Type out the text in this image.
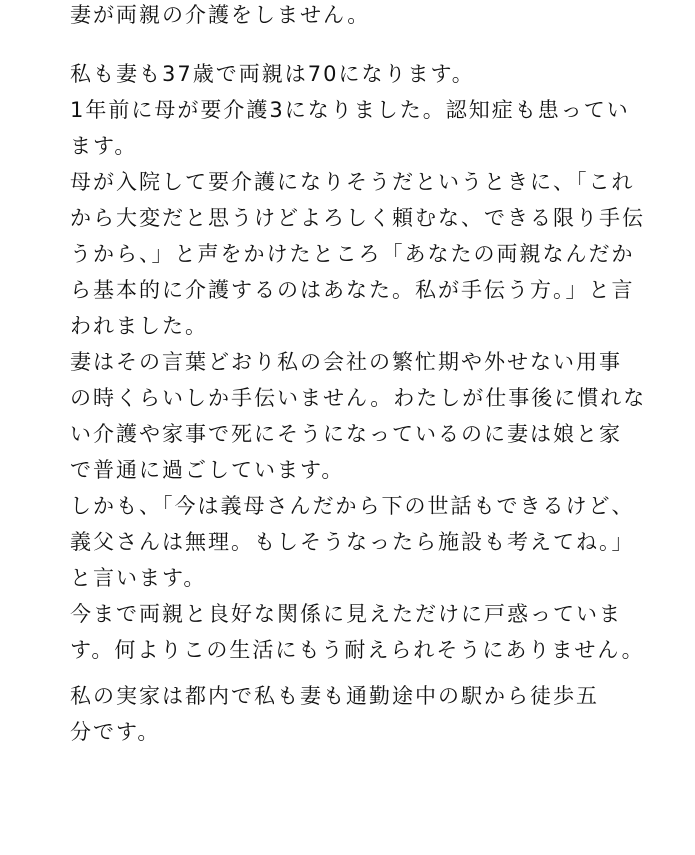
妻が両親の介護をしません。
私も妻も37歳で両親は70になります。
1年前に母が要介護3になりました。認知症も患ってい
ます。
母が入院して要介護になりそうだというときに、「これ
から大変だと思うけどよろしく頼むな、できる限り手伝
うから、」と声をかけたところ「あなたの両親なんだか
ら基本的に介護するのはあなた。私が手伝う方。」と言
われました。
妻はその言葉どおり私の会社の繁忙期や外せない用事
の時くらいしか手伝いません。わたしが仕事後に慣れな
い介護や家事で死にそうになっているのに妻は娘と家
で普通に過ごしています。
しかも、「今は義母さんだから下の世話もできるけど、
義父さんは無理。もしそうなったら施設も考えてね。」
と言います。
今まで両親と良好な関係に見えただけに戸惑っていま
す。何よりこの生活にもう耐えられそうにありません。
私の実家は都内で私も妻も通勤途中の駅から徒歩五
分です。
